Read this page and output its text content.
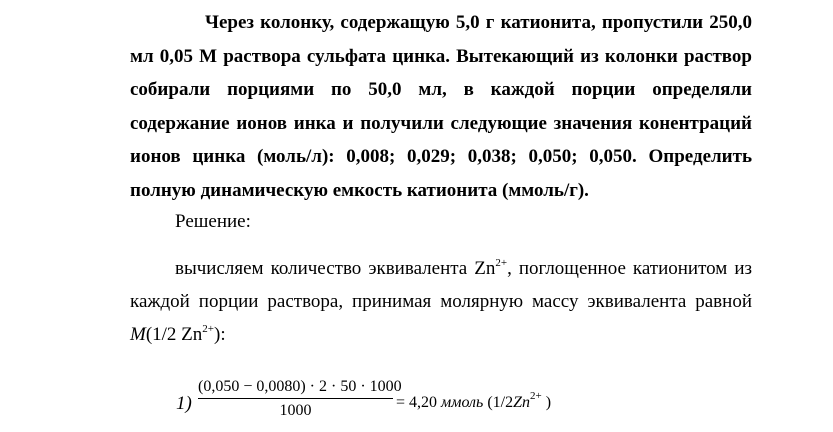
Через колонку, содержащую 5,0 г катионита, пропустили 250,0 мл 0,05 М раствора сульфата цинка. Вытекающий из колонки раствор собирали порциями по 50,0 мл, в каждой порции определяли содержание ионов инка и получили следующие значения конентраций ионов цинка (моль/л): 0,008; 0,029; 0,038; 0,050; 0,050. Определить полную динамическую емкость катионита (ммоль/г).

Решение:

вычисляем количество эквивалента $Zn^{2+}$, поглощенное катионитом из каждой порции раствора, принимая молярную массу эквивалента равной M(1/2 $Zn^{2+}$):

$1) \frac{(0,050 - 0,0080) \cdot 2 \cdot 50 \cdot 1000}{1000} = 4,20$ ммоль ($1/2Zn^{2+}$ )
